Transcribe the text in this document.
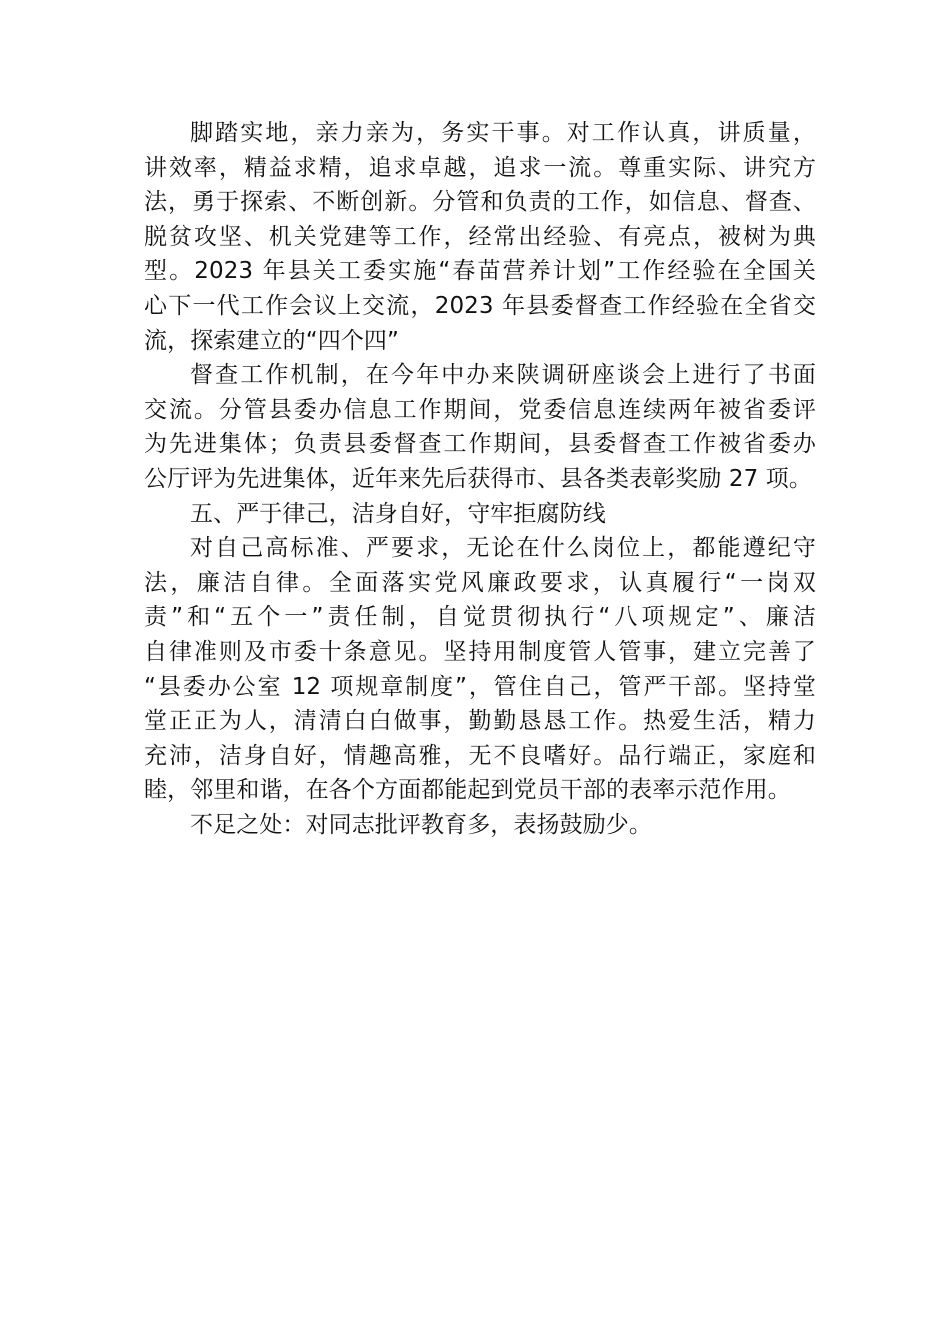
脚踏实地，亲力亲为，务实干事。对工作认真，讲质量，
讲效率，精益求精，追求卓越，追求一流。尊重实际、讲究方
法，勇于探索、不断创新。分管和负责的工作，如信息、督查、
脱贫攻坚、机关党建等工作，经常出经验、有亮点，被树为典
型。2023 年县关工委实施“春苗营养计划”工作经验在全国关
心下一代工作会议上交流，2023 年县委督查工作经验在全省交
流，探索建立的“四个四”
督查工作机制，在今年中办来陕调研座谈会上进行了书面
交流。分管县委办信息工作期间，党委信息连续两年被省委评
为先进集体；负责县委督查工作期间，县委督查工作被省委办
公厅评为先进集体，近年来先后获得市、县各类表彰奖励 27 项。
五、严于律己，洁身自好，守牢拒腐防线
对自己高标准、严要求，无论在什么岗位上，都能遵纪守
法，廉洁自律。全面落实党风廉政要求，认真履行“一岗双
责”和“五个一”责任制，自觉贯彻执行“八项规定”、廉洁
自律准则及市委十条意见。坚持用制度管人管事，建立完善了
“县委办公室 12 项规章制度”，管住自己，管严干部。坚持堂
堂正正为人，清清白白做事，勤勤恳恳工作。热爱生活，精力
充沛，洁身自好，情趣高雅，无不良嗜好。品行端正，家庭和
睦，邻里和谐，在各个方面都能起到党员干部的表率示范作用。
不足之处：对同志批评教育多，表扬鼓励少。
